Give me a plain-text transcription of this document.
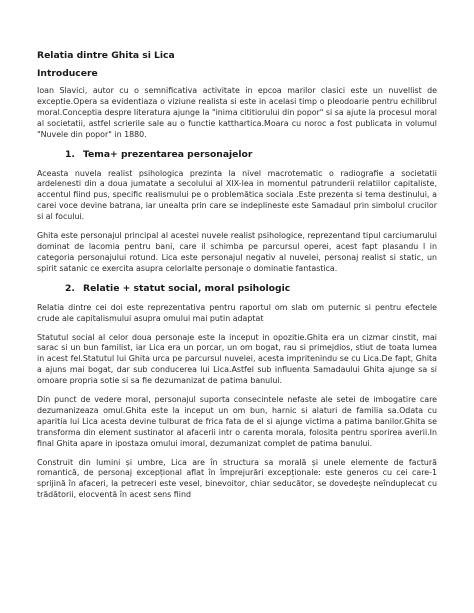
Relatia dintre Ghita si Lica
Introducere

Ioan Slavici, autor cu o semnificativa activitate in epcoa marilor clasici este un nuvellist de exceptie.Opera sa evidentiaza o viziune realista si este in acelasi timp o pleodoarie pentru echilibrul moral.Conceptia despre literatura ajunge la "inima cititiorului din popor" si sa ajute la procesul moral al societatii, astfel scrierile sale au o functie katthartica.Moara cu noroc a fost publicata in volumul "Nuvele din popor" in 1880.

1. Tema+ prezentarea personajelor

Aceasta nuvela realist psihologica prezinta la nivel macrotematic o radiografie a societatii ardelenesti din a doua jumatate a secolului al XIX-lea in momentul patrunderii relatiilor capitaliste, accentul fiind pus, specific realismului pe o problemătica sociala .Este prezenta si tema destinului, a carei voce devine batrana, iar unealta prin care se indeplineste este Samadaul prin simbolul crucilor si al focului.

Ghita este personajul principal al acestei nuvele realist psihologice, reprezentand tipul carciumarului dominat de lacomia pentru bani, care il schimba pe parcursul operei, acest fapt plasandu l in categoria personajului rotund. Lica este personajul negativ al nuvelei, personaj realist si static, un spirit satanic ce exercita asupra celorlalte personaje o dominatie fantastica.

2. Relatie + statut social, moral psihologic

Relatia dintre cei doi este reprezentativa pentru raportul om slab om puternic si pentru efectele crude ale capitalismului asupra omului mai putin adaptat

Statutul social al celor doua personaje este la inceput in opozitie.Ghita era un cizmar cinstit, mai sarac si un bun familist, iar Lica era un porcar, un om bogat, rau si primejdios, stiut de toata lumea in acest fel.Statutul lui Ghita urca pe parcursul nuvelei, acesta impritenindu se cu Lica.De fapt, Ghita a ajuns mai bogat, dar sub conducerea lui Lica.Astfel sub influenta Samadaului Ghita ajunge sa si omoare propria sotie si sa fie dezumanizat de patima banului.

Din punct de vedere moral, personajul suporta consecintele nefaste ale setei de imbogatire care dezumanizeaza omul.Ghita este la inceput un om bun, harnic si alaturi de familia sa.Odata cu aparitia lui Lica acesta devine tulburat de frica fata de el si ajunge victima a patima banilor.Ghita se transforma din element sustinator al afacerii intr o carenta morala, folosita pentru sporirea averii.In final Ghita apare in ipostaza omului imoral, dezumanizat complet de patima banului.

Construit din lumini și umbre, Lica are în structura sa morală și unele elemente de factură romantică, de personaj excepțional aflat în împrejurări excepționale: este generos cu cei care-1 sprijină în afaceri, la petreceri este vesel, binevoitor, chiar seducător, se dovedește neînduplecat cu trădătorii, elocventă în acest sens fiind
